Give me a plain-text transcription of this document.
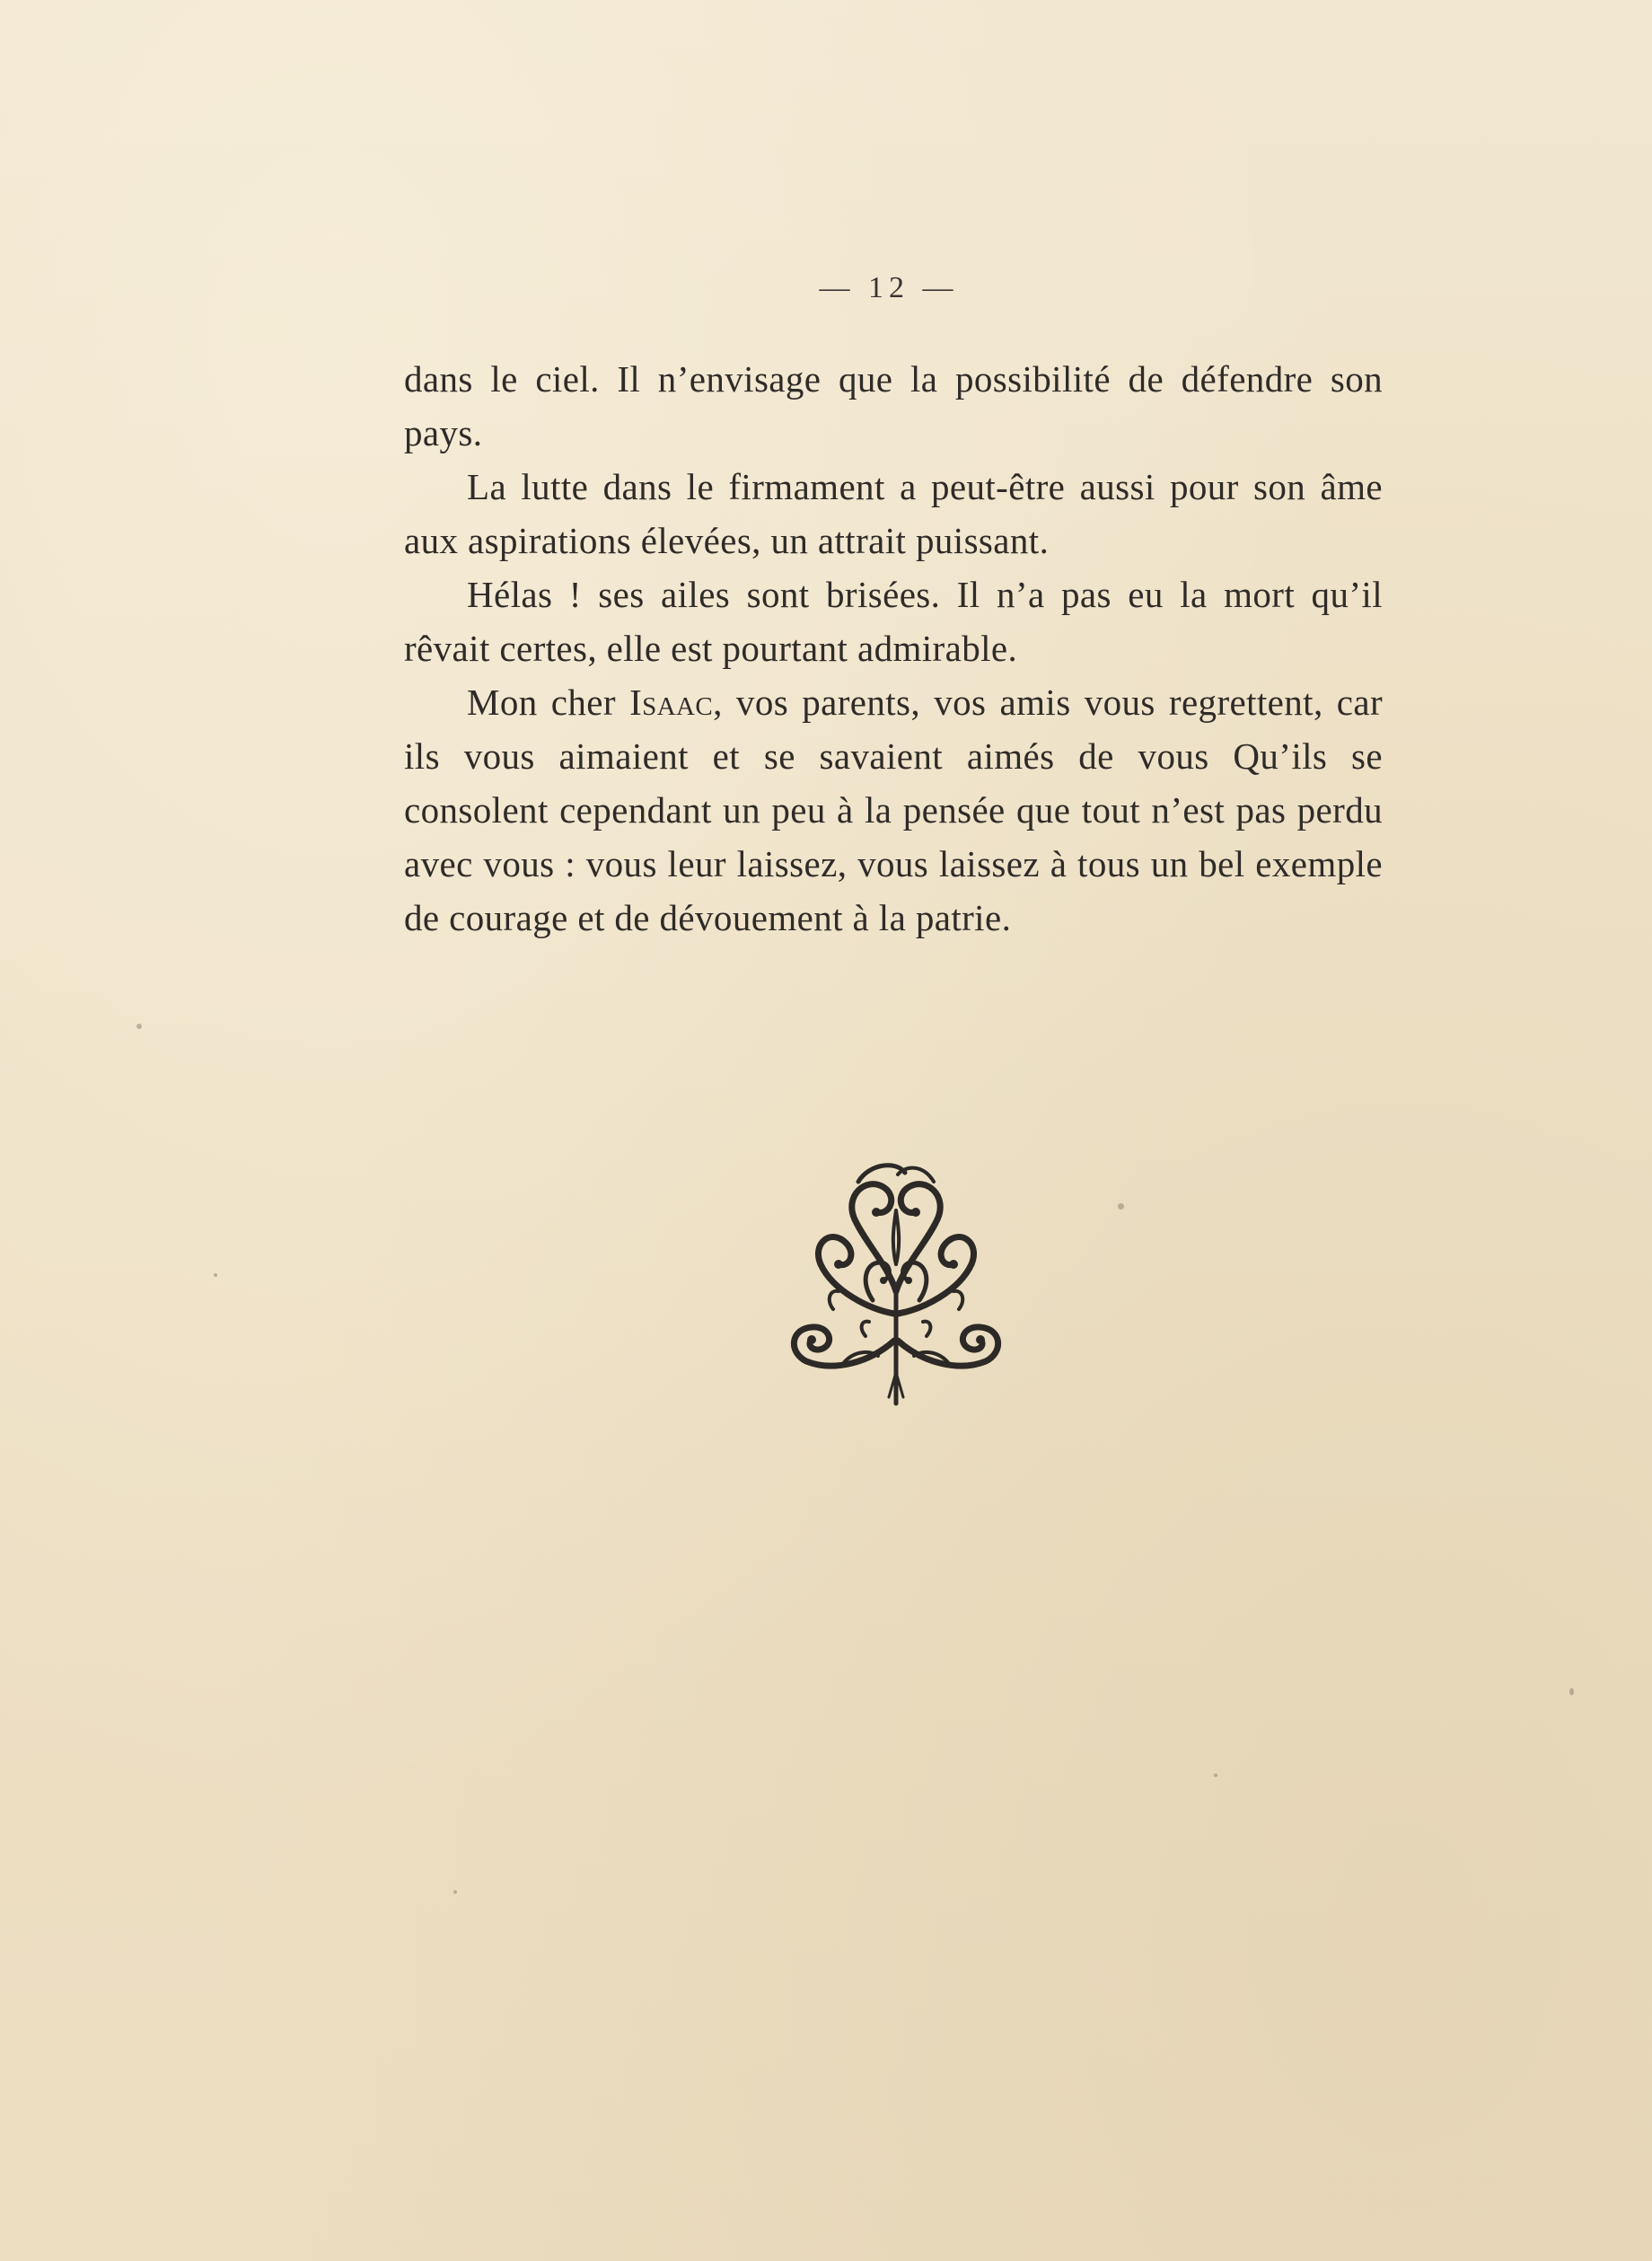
— 12 —

dans le ciel. Il n’envisage que la possibilité de défendre son pays.

La lutte dans le firmament a peut-être aussi pour son âme aux aspirations élevées, un attrait puissant.

Hélas ! ses ailes sont brisées. Il n’a pas eu la mort qu’il rêvait certes, elle est pourtant admirable.

Mon cher Isaac, vos parents, vos amis vous regrettent, car ils vous aimaient et se savaient aimés de vous Qu’ils se consolent cependant un peu à la pensée que tout n’est pas perdu avec vous : vous leur laissez, vous laissez à tous un bel exemple de courage et de dévouement à la patrie.
